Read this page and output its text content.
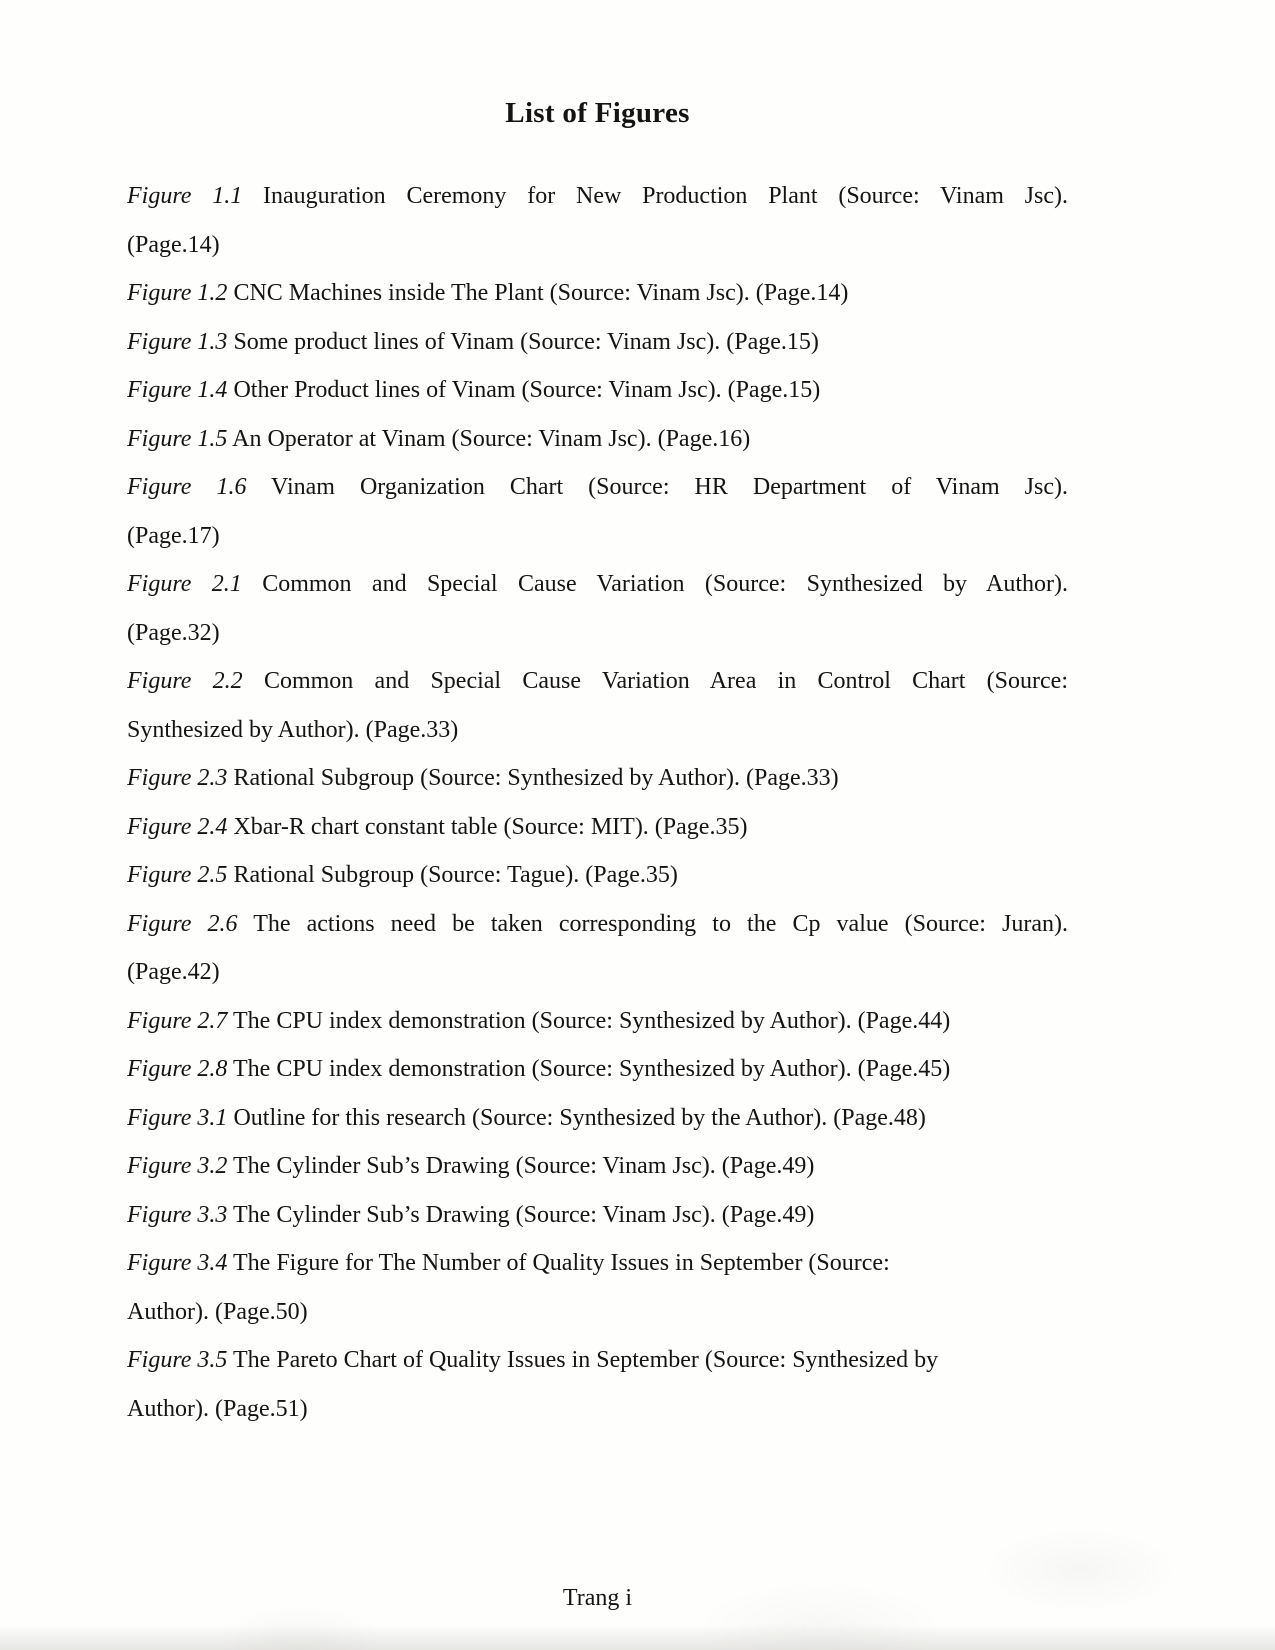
List of Figures

Figure 1.1 Inauguration Ceremony for New Production Plant (Source: Vinam Jsc).
(Page.14)

Figure 1.2 CNC Machines inside The Plant (Source: Vinam Jsc). (Page.14)

Figure 1.3 Some product lines of Vinam (Source: Vinam Jsc). (Page.15)

Figure 1.4 Other Product lines of Vinam (Source: Vinam Jsc). (Page.15)

Figure 1.5 An Operator at Vinam (Source: Vinam Jsc). (Page.16)

Figure 1.6 Vinam Organization Chart (Source: HR Department of Vinam Jsc).
(Page.17)

Figure 2.1 Common and Special Cause Variation (Source: Synthesized by Author).
(Page.32)

Figure 2.2 Common and Special Cause Variation Area in Control Chart (Source:
Synthesized by Author). (Page.33)

Figure 2.3 Rational Subgroup (Source: Synthesized by Author). (Page.33)

Figure 2.4 Xbar-R chart constant table (Source: MIT). (Page.35)

Figure 2.5 Rational Subgroup (Source: Tague). (Page.35)

Figure 2.6 The actions need be taken corresponding to the Cp value (Source: Juran).
(Page.42)

Figure 2.7 The CPU index demonstration (Source: Synthesized by Author). (Page.44)

Figure 2.8 The CPU index demonstration (Source: Synthesized by Author). (Page.45)

Figure 3.1 Outline for this research (Source: Synthesized by the Author). (Page.48)

Figure 3.2 The Cylinder Sub’s Drawing (Source: Vinam Jsc). (Page.49)

Figure 3.3 The Cylinder Sub’s Drawing (Source: Vinam Jsc). (Page.49)

Figure 3.4 The Figure for The Number of Quality Issues in September (Source:
Author). (Page.50)

Figure 3.5 The Pareto Chart of Quality Issues in September (Source: Synthesized by
Author). (Page.51)

Trang i
